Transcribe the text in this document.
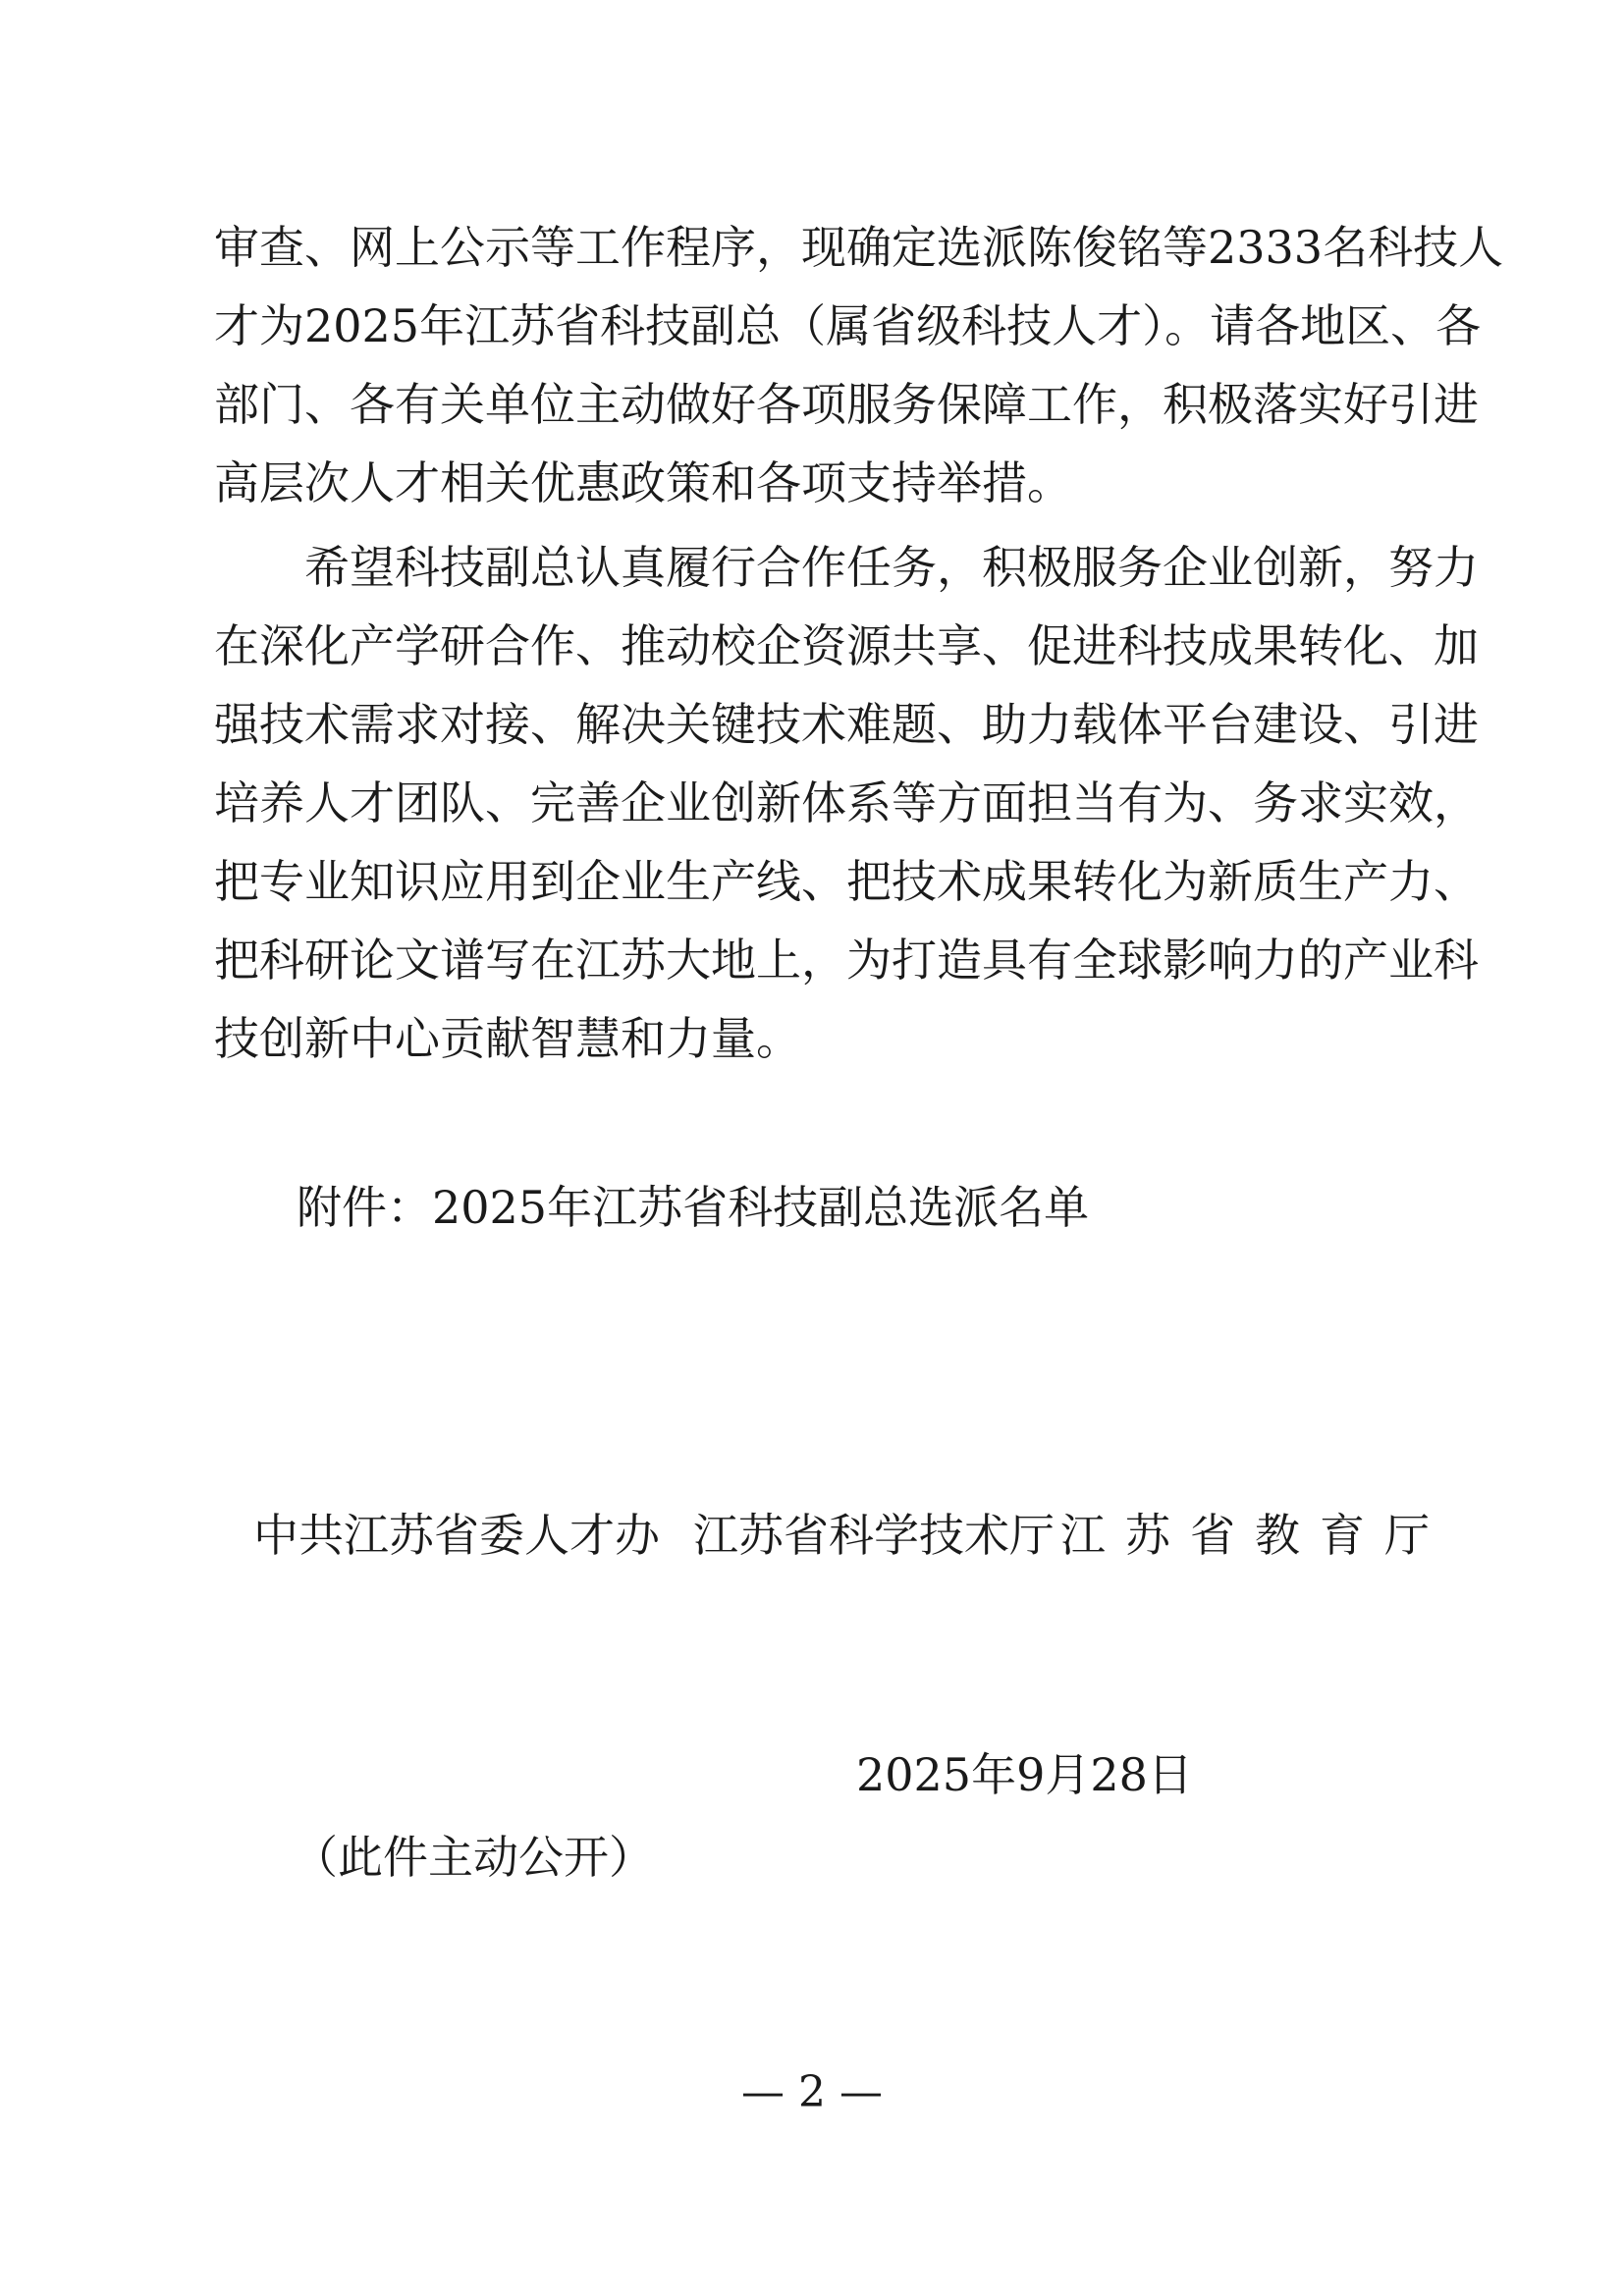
审查、网上公示等工作程序，现确定选派陈俊铭等2333名科技人
才为2025年江苏省科技副总（属省级科技人才）。请各地区、各
部门、各有关单位主动做好各项服务保障工作，积极落实好引进
高层次人才相关优惠政策和各项支持举措。
希望科技副总认真履行合作任务，积极服务企业创新，努力
在深化产学研合作、推动校企资源共享、促进科技成果转化、加
强技术需求对接、解决关键技术难题、助力载体平台建设、引进
培养人才团队、完善企业创新体系等方面担当有为、务求实效，
把专业知识应用到企业生产线、把技术成果转化为新质生产力、
把科研论文谱写在江苏大地上，为打造具有全球影响力的产业科
技创新中心贡献智慧和力量。
附件：2025年江苏省科技副总选派名单
中共江苏省委人才办 江苏省科学技术厅 江苏省教育厅
2025年9月28日
（此件主动公开）
— 2 —
